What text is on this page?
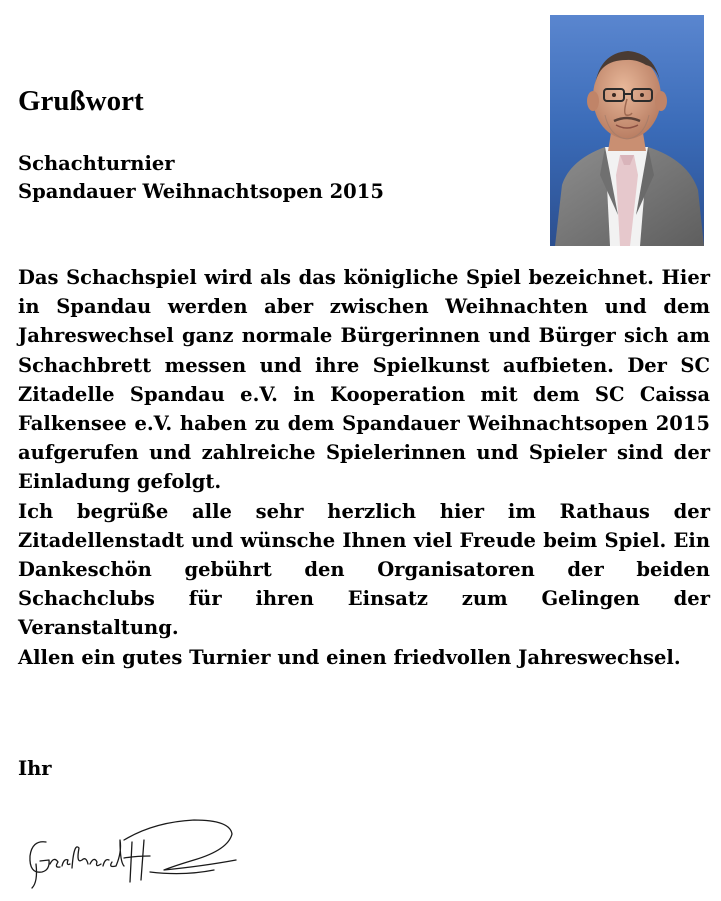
Grußwort
Schachturnier
Spandauer Weihnachtsopen 2015

Das Schachspiel wird als das königliche Spiel bezeichnet. Hier in Spandau werden aber zwischen Weihnachten und dem Jahreswechsel ganz normale Bürgerinnen und Bürger sich am Schachbrett messen und ihre Spielkunst aufbieten. Der SC Zitadelle Spandau e.V. in Kooperation mit dem SC Caissa Falkensee e.V. haben zu dem Spandauer Weihnachtsopen 2015 aufgerufen und zahlreiche Spielerinnen und Spieler sind der Einladung gefolgt.

Ich begrüße alle sehr herzlich hier im Rathaus der Zitadellenstadt und wünsche Ihnen viel Freude beim Spiel. Ein Dankeschön gebührt den Organisatoren der beiden Schachclubs für ihren Einsatz zum Gelingen der Veranstaltung.

Allen ein gutes Turnier und einen friedvollen Jahreswechsel.

Ihr
